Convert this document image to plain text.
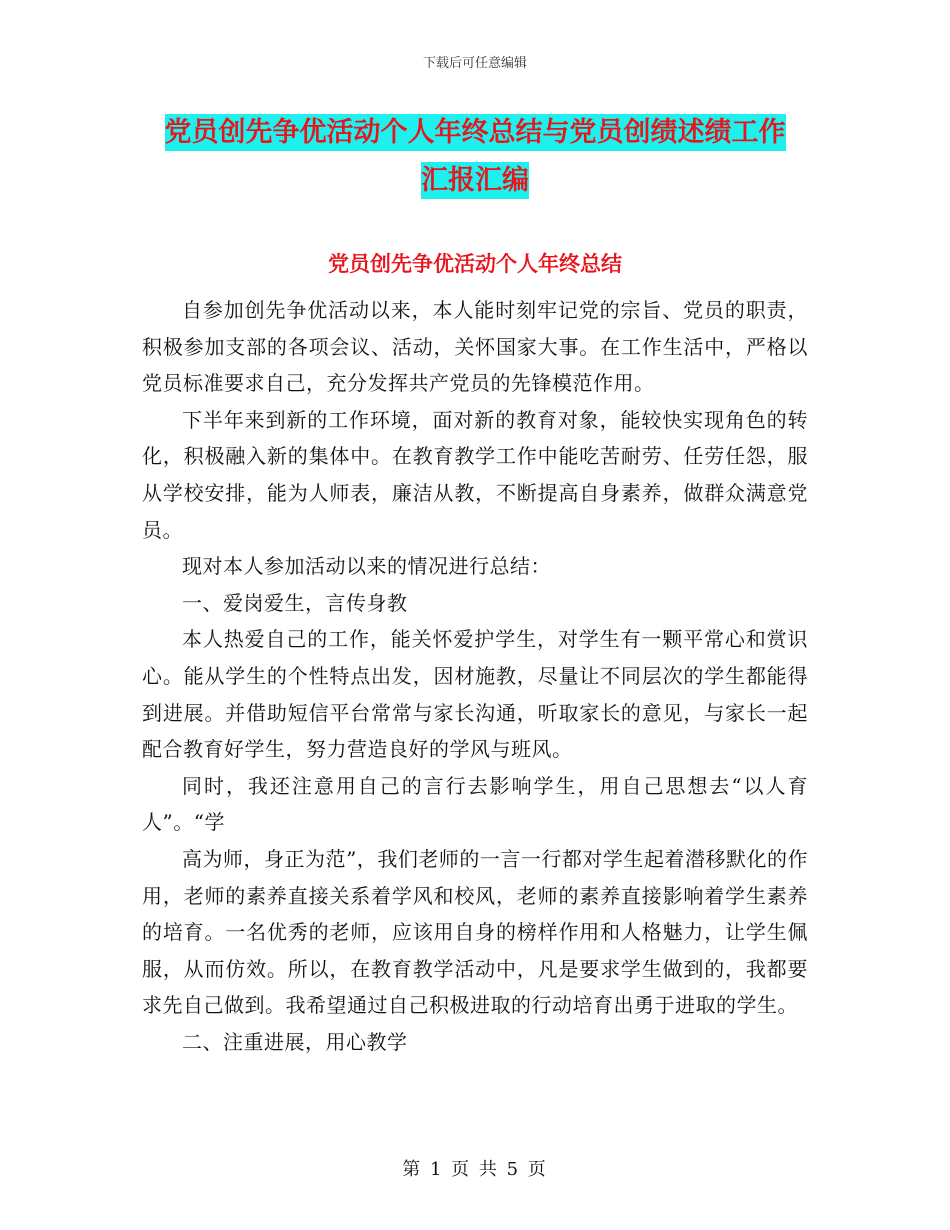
下载后可任意编辑
党员创先争优活动个人年终总结与党员创绩述绩工作
汇报汇编
党员创先争优活动个人年终总结

自参加创先争优活动以来，本人能时刻牢记党的宗旨、党员的职责，积极参加支部的各项会议、活动，关怀国家大事。在工作生活中，严格以党员标准要求自己，充分发挥共产党员的先锋模范作用。

下半年来到新的工作环境，面对新的教育对象，能较快实现角色的转化，积极融入新的集体中。在教育教学工作中能吃苦耐劳、任劳任怨，服从学校安排，能为人师表，廉洁从教，不断提高自身素养，做群众满意党员。

现对本人参加活动以来的情况进行总结：

一、爱岗爱生，言传身教

本人热爱自己的工作，能关怀爱护学生，对学生有一颗平常心和赏识心。能从学生的个性特点出发，因材施教，尽量让不同层次的学生都能得到进展。并借助短信平台常常与家长沟通，听取家长的意见，与家长一起配合教育好学生，努力营造良好的学风与班风。

同时，我还注意用自己的言行去影响学生，用自己思想去“以人育人”。“学

高为师，身正为范”，我们老师的一言一行都对学生起着潜移默化的作用，老师的素养直接关系着学风和校风，老师的素养直接影响着学生素养的培育。一名优秀的老师，应该用自身的榜样作用和人格魅力，让学生佩服，从而仿效。所以，在教育教学活动中，凡是要求学生做到的，我都要求先自己做到。我希望通过自己积极进取的行动培育出勇于进取的学生。

二、注重进展，用心教学

第 1 页 共 5 页
